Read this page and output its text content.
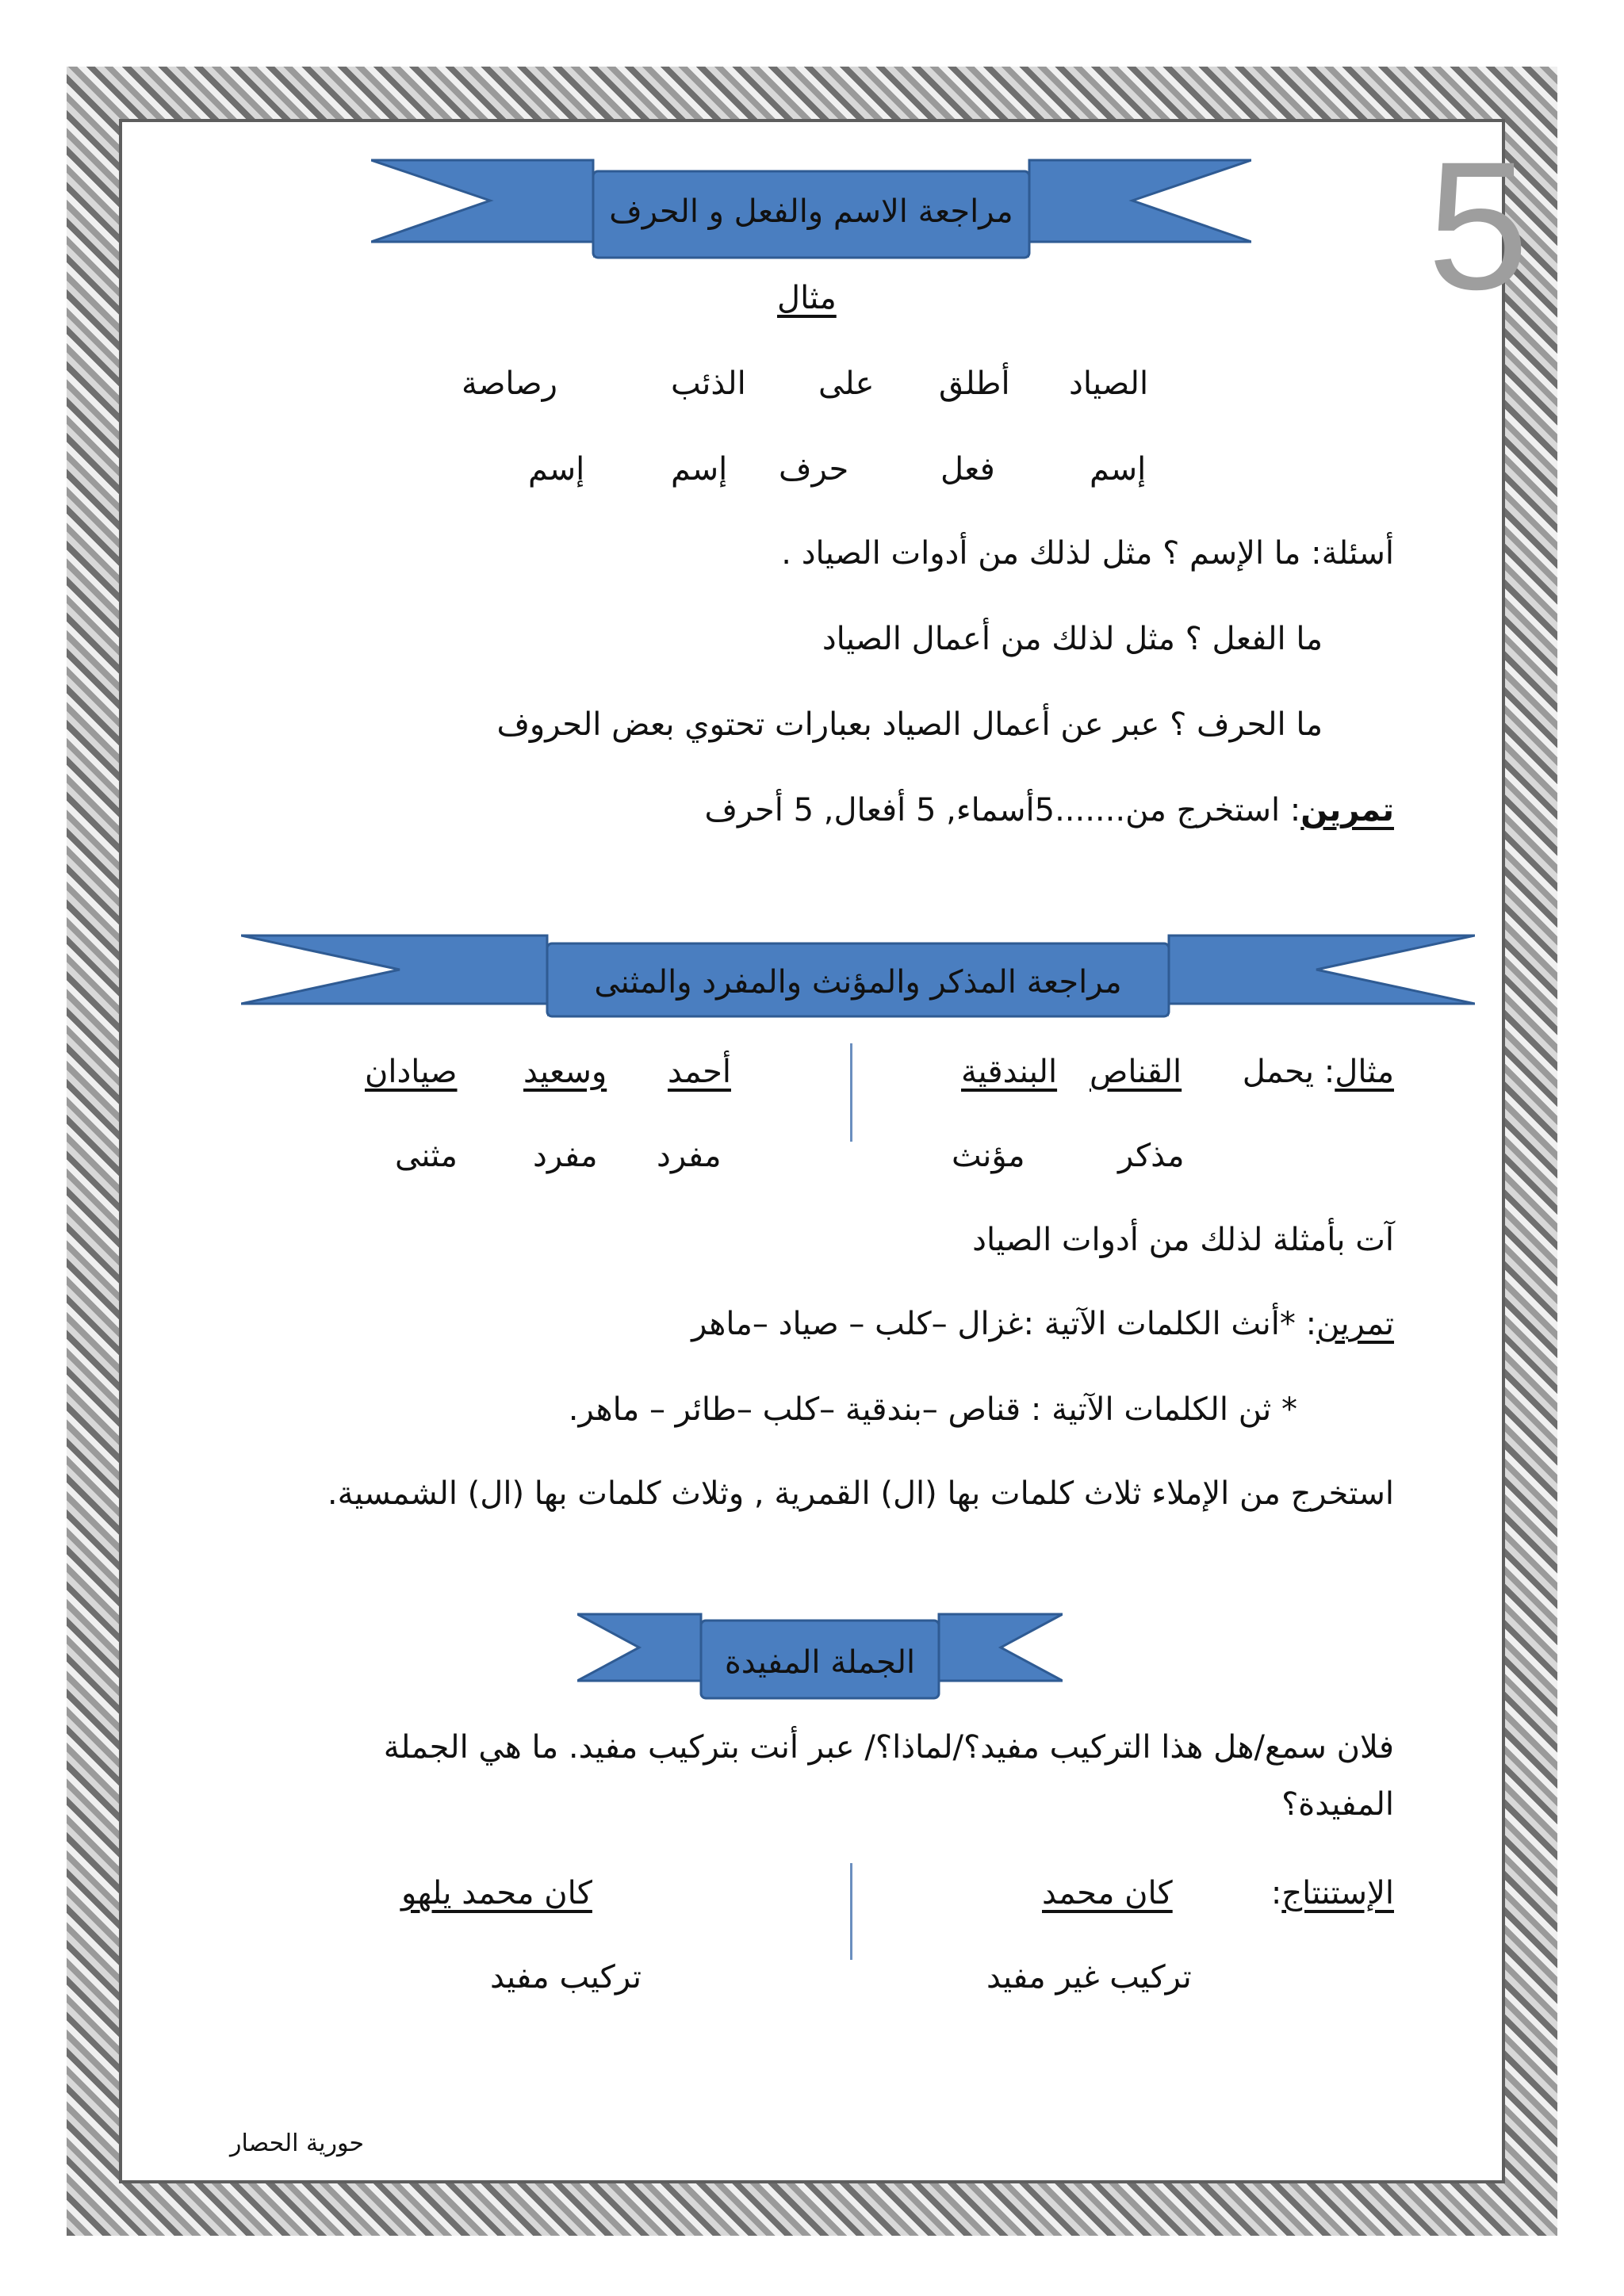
5
مراجعة الاسم والفعل و الحرف
مثال
الصياد
أطلق
على
الذئب
رصاصة
إسم
فعل
حرف
إسم
إسم
أسئلة: ما الإسم ؟ مثل لذلك من أدوات الصياد .
ما الفعل ؟ مثل لذلك من أعمال الصياد
ما الحرف ؟ عبر عن أعمال الصياد بعبارات تحتوي بعض الحروف
تمرين: استخرج من.......5أسماء, 5 أفعال, 5 أحرف
مراجعة المذكر والمؤنث والمفرد والمثنى
مثال: يحمل
القناص
البندقية
مذكر
مؤنث
أحمد
وسعيد
صيادان
مفرد
مفرد
مثنى
آت بأمثلة لذلك من أدوات الصياد
تمرين: *أنث الكلمات الآتية :غزال –كلب – صياد –ماهر
* ثن الكلمات الآتية : قناص –بندقية –كلب –طائر – ماهر.
استخرج من الإملاء ثلاث كلمات بها (ال) القمرية , وثلاث كلمات بها (ال) الشمسية.
الجملة المفيدة
فلان سمع/هل هذا التركيب مفيد؟/لماذا؟/ عبر أنت بتركيب مفيد. ما هي الجملة
المفيدة؟
الإستنتاج:
كان محمد
تركيب غير مفيد
كان محمد يلهو
تركيب مفيد
حورية الحصار
